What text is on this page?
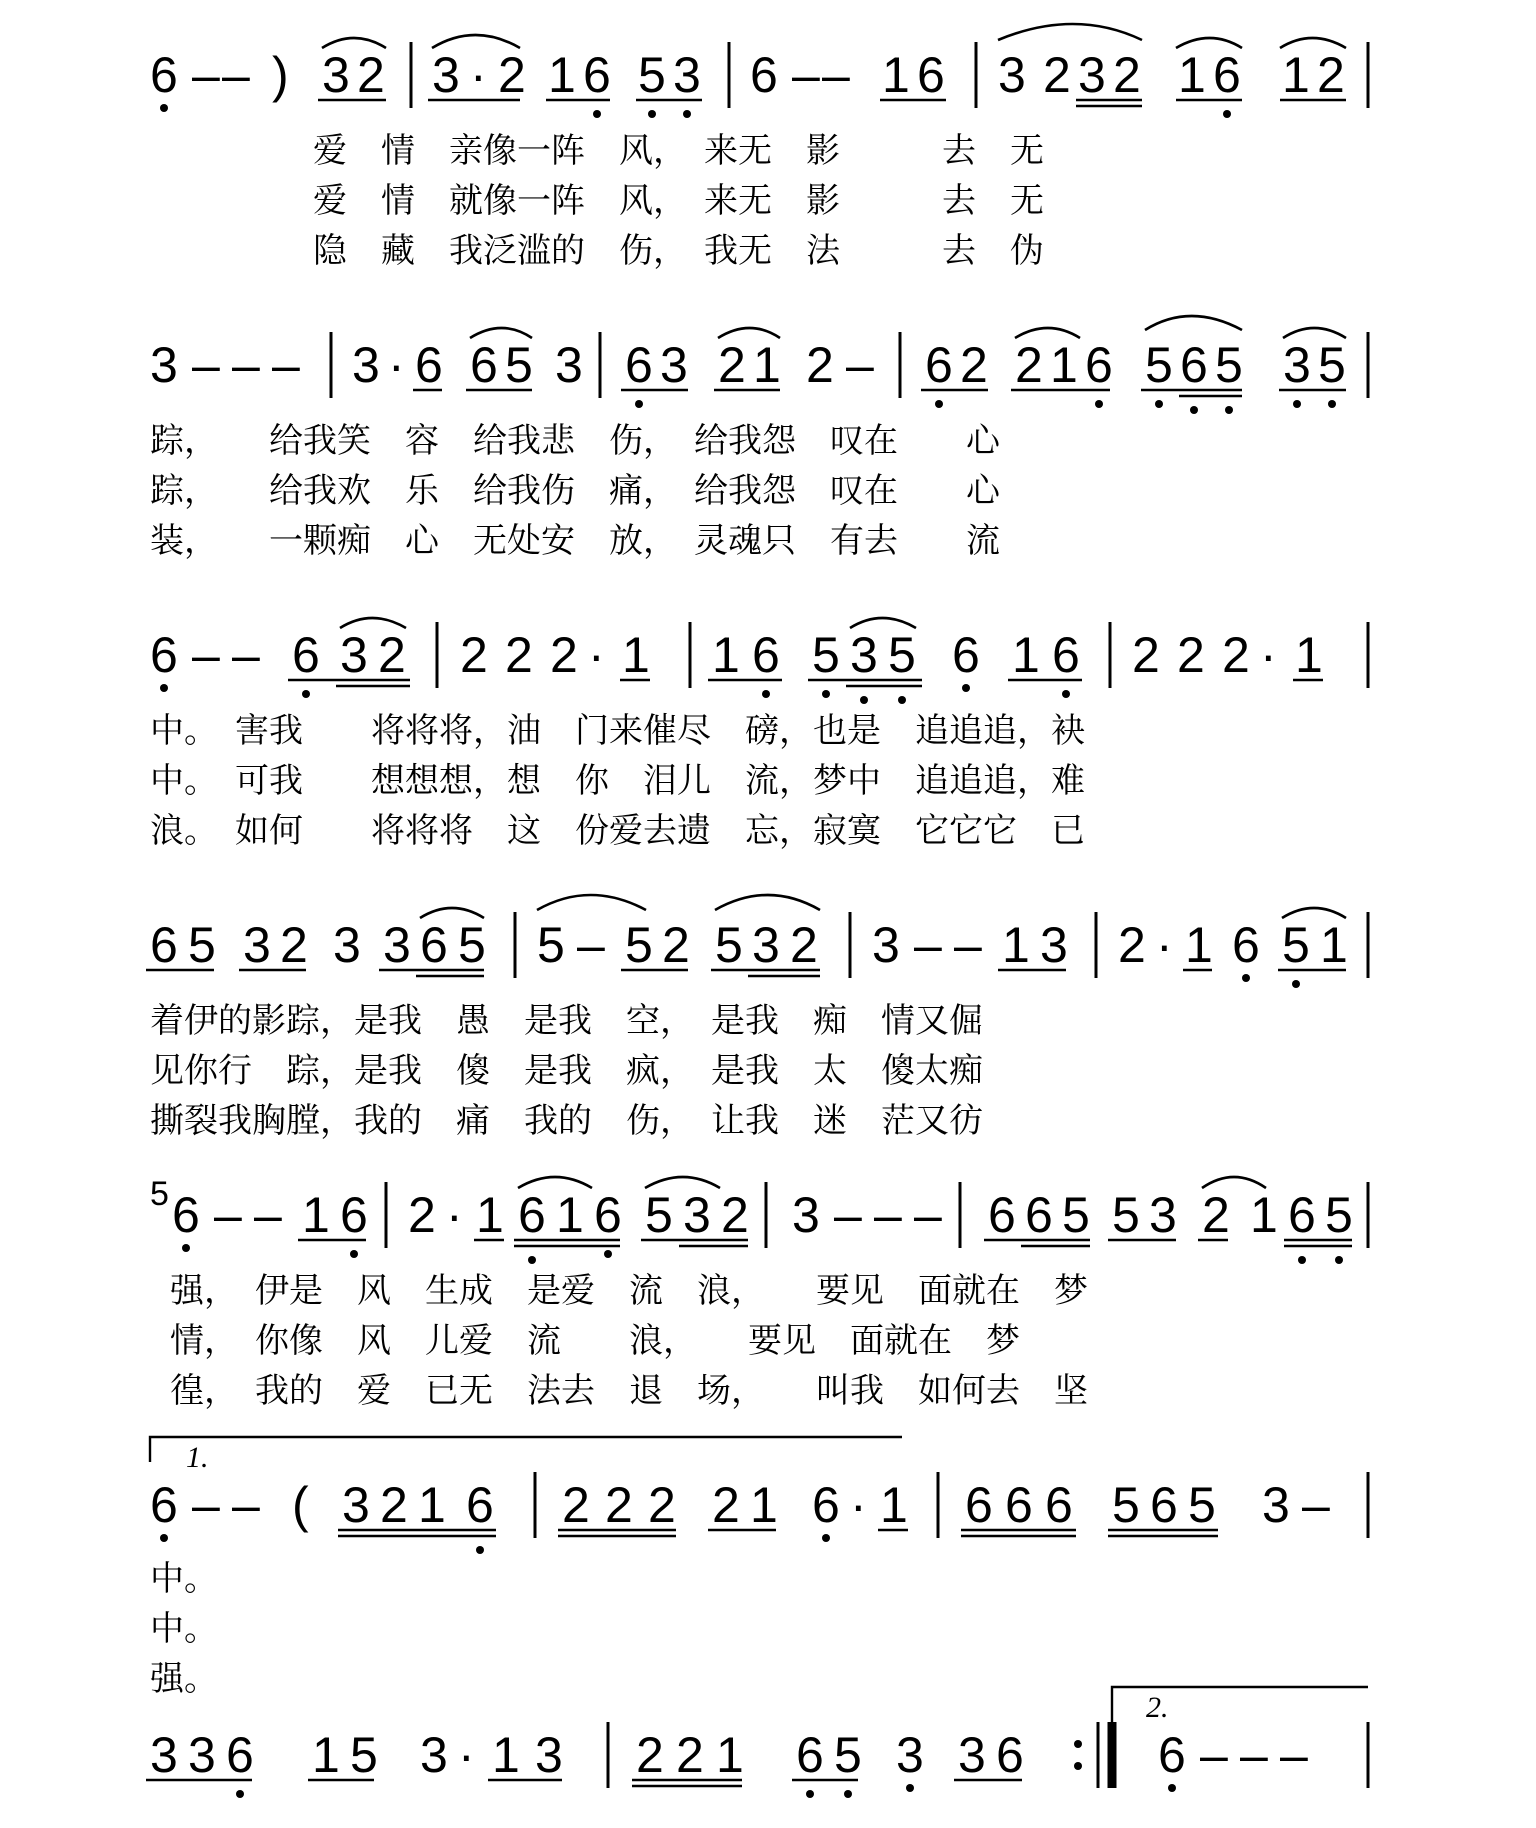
6 – – ) 3 2 3 · 2 1 6 5 3 6 – – 1 6 3 2 3 2 1 6 1 2
爱　情　亲像一阵　风，　来无　影　　　去　无
爱　情　就像一阵　风，　来无　影　　　去　无
隐　藏　我泛滥的　伤，　我无　法　　　去　伪
3 – – – 3 · 6 6 5 3 6 3 2 1 2 – 6 2 2 1 6 5 6 5 3 5
踪，　　给我笑　容　给我悲　伤，　给我怨　叹在　　心
踪，　　给我欢　乐　给我伤　痛，　给我怨　叹在　　心
装，　　一颗痴　心　无处安　放，　灵魂只　有去　　流
6 – – 6 3 2 2 2 2 · 1 1 6 5 3 5 6 1 6 2 2 2 · 1
中。　害我　　将将将，油　门来催尽　磅，也是　追追追，袂
中。　可我　　想想想，想　你　泪儿　流，梦中　追追追，难
浪。　如何　　将将将　这　份爱去遗　忘，寂寞　它它它　已
6 5 3 2 3 3 6 5 5 – 5 2 5 3 2 3 – – 1 3 2 · 1 6 5 1
着伊的影踪，是我　愚　是我　空，　是我　痴　情又倔
见你行　踪，是我　傻　是我　疯，　是我　太　傻太痴
撕裂我胸膛，我的　痛　我的　伤，　让我　迷　茫又彷
5 6 – – 1 6 2 · 1 6 1 6 5 3 2 3 – – – 6 6 5 5 3 2 1 6 5
强，　伊是　风　生成　是爱　流　浪，　　要见　面就在　梦
情，　你像　风　儿爱　流　　浪，　　要见　面就在　梦
徨，　我的　爱　已无　法去　退　场，　　叫我　如何去　坚
1.
6 – – ( 3 2 1 6 2 2 2 2 1 6 · 1 6 6 6 5 6 5 3 –
中。
中。
强。
2.
3 3 6 1 5 3 · 1 3 2 2 1 6 5 3 3 6	6 – – –
